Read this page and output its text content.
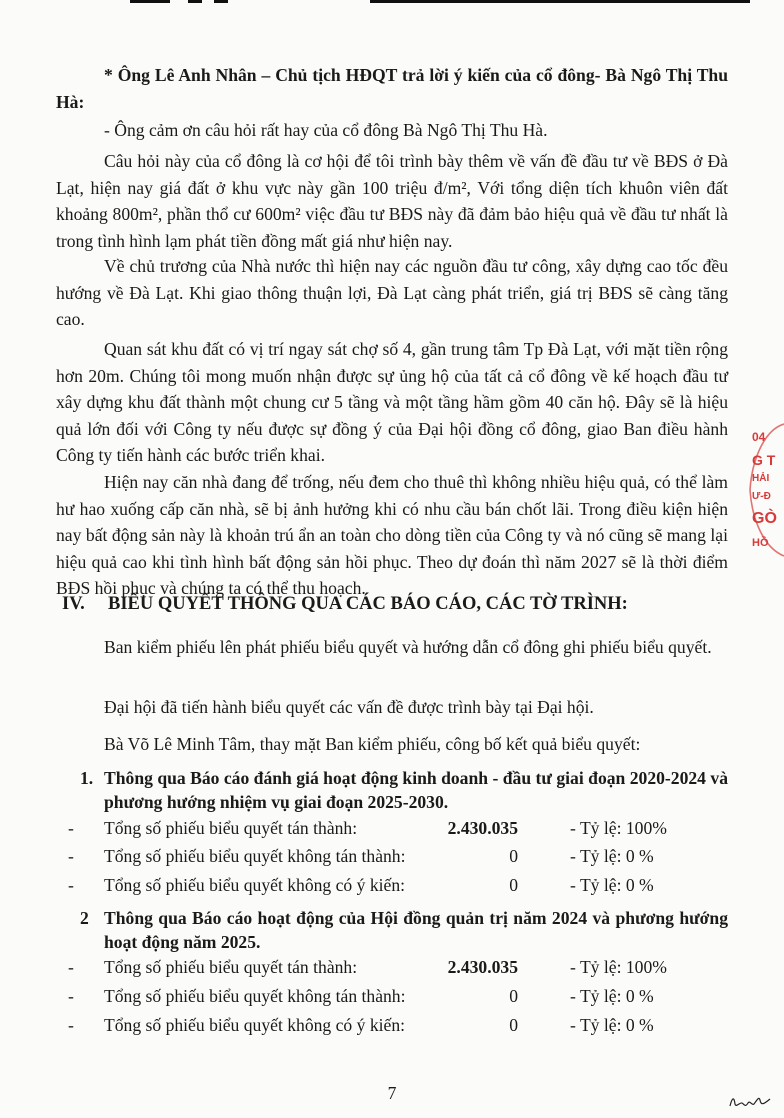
* Ông Lê Anh Nhân – Chủ tịch HĐQT trả lời ý kiến của cổ đông- Bà Ngô Thị Thu Hà:

- Ông cảm ơn câu hỏi rất hay của cổ đông Bà Ngô Thị Thu Hà.

Câu hỏi này của cổ đông là cơ hội để tôi trình bày thêm về vấn đề đầu tư về BĐS ở Đà Lạt, hiện nay giá đất ở khu vực này gần 100 triệu đ/m², Với tổng diện tích khuôn viên đất khoảng 800m², phần thổ cư 600m² việc đầu tư BĐS này đã đảm bảo hiệu quả về đầu tư nhất là trong tình hình lạm phát tiền đồng mất giá như hiện nay.

Về chủ trương của Nhà nước thì hiện nay các nguồn đầu tư công, xây dựng cao tốc đều hướng về Đà Lạt. Khi giao thông thuận lợi, Đà Lạt càng phát triển, giá trị BĐS sẽ càng tăng cao.

Quan sát khu đất có vị trí ngay sát chợ số 4, gần trung tâm Tp Đà Lạt, với mặt tiền rộng hơn 20m. Chúng tôi mong muốn nhận được sự ủng hộ của tất cả cổ đông về kế hoạch đầu tư xây dựng khu đất thành một chung cư 5 tầng và một tầng hầm gồm 40 căn hộ. Đây sẽ là hiệu quả lớn đối với Công ty nếu được sự đồng ý của Đại hội đồng cổ đông, giao Ban điều hành Công ty tiến hành các bước triển khai.

Hiện nay căn nhà đang để trống, nếu đem cho thuê thì không nhiều hiệu quả, có thể làm hư hao xuống cấp căn nhà, sẽ bị ảnh hưởng khi có nhu cầu bán chốt lãi. Trong điều kiện hiện nay bất động sản này là khoản trú ẩn an toàn cho dòng tiền của Công ty và nó cũng sẽ mang lại hiệu quả cao khi tình hình bất động sản hồi phục. Theo dự đoán thì năm 2027 sẽ là thời điểm BĐS hồi phục và chúng ta có thể thu hoạch.

IV. BIỂU QUYẾT THÔNG QUA CÁC BÁO CÁO, CÁC TỜ TRÌNH:

Ban kiểm phiếu lên phát phiếu biểu quyết và hướng dẫn cổ đông ghi phiếu biểu quyết.

Đại hội đã tiến hành biểu quyết các vấn đề được trình bày tại Đại hội.

Bà Võ Lê Minh Tâm, thay mặt Ban kiểm phiếu, công bố kết quả biểu quyết:

1. Thông qua Báo cáo đánh giá hoạt động kinh doanh - đầu tư giai đoạn 2020-2024 và phương hướng nhiệm vụ giai đoạn 2025-2030.
- Tổng số phiếu biểu quyết tán thành:	2.430.035	- Tỷ lệ: 100%
- Tổng số phiếu biểu quyết không tán thành:	0	- Tỷ lệ: 0 %
- Tổng số phiếu biểu quyết không có ý kiến:	0	- Tỷ lệ: 0 %
2 Thông qua Báo cáo hoạt động của Hội đồng quản trị năm 2024 và phương hướng hoạt động năm 2025.
- Tổng số phiếu biểu quyết tán thành:	2.430.035	- Tỷ lệ: 100%
- Tổng số phiếu biểu quyết không tán thành:	0	- Tỷ lệ: 0 %
- Tổng số phiếu biểu quyết không có ý kiến:	0	- Tỷ lệ: 0 %
7
04
G T
HẢI
Ư-Đ
GÒ
HỒ
